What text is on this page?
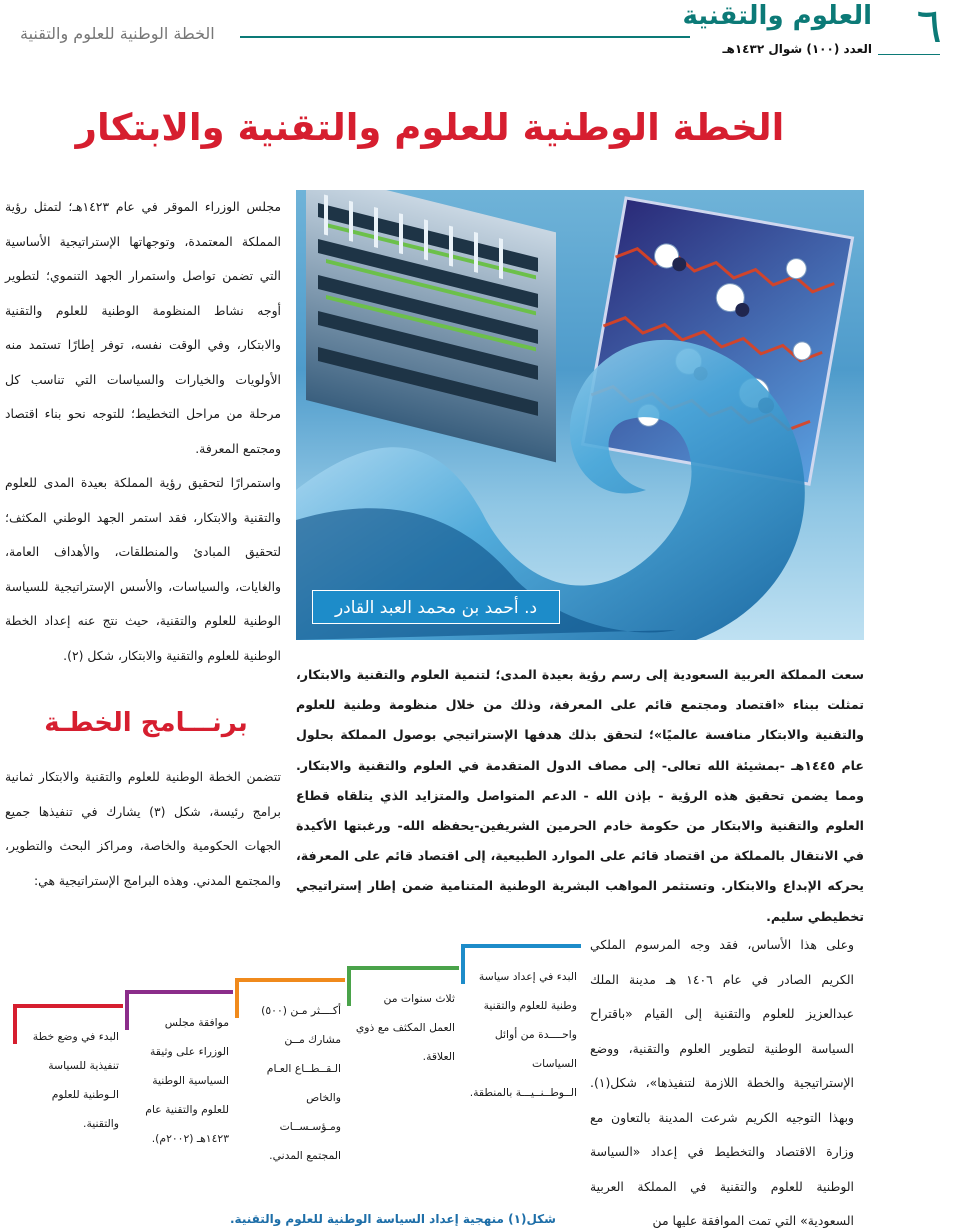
٦
العلوم والتقنية
العدد (١٠٠) شوال ١٤٣٢هـ
الخطة الوطنية للعلوم والتقنية
الخطة الوطنية للعلوم والتقنية والابتكار
د. أحمد بن محمد العبد القادر

مجلس الوزراء الموقر في عام ١٤٢٣هـ؛ لتمثل رؤية المملكة المعتمدة، وتوجهاتها الإستراتيجية الأساسية التي تضمن تواصل واستمرار الجهد التنموي؛ لتطوير أوجه نشاط المنظومة الوطنية للعلوم والتقنية والابتكار، وفي الوقت نفسه، توفر إطارًا تستمد منه الأولويات والخيارات والسياسات التي تناسب كل مرحلة من مراحل التخطيط؛ للتوجه نحو بناء اقتصاد ومجتمع المعرفة.

واستمرارًا لتحقيق رؤية المملكة بعيدة المدى للعلوم والتقنية والابتكار، فقد استمر الجهد الوطني المكثف؛ لتحقيق المبادئ والمنطلقات، والأهداف العامة، والغايات، والسياسات، والأسس الإستراتيجية للسياسة الوطنية للعلوم والتقنية، حيث نتج عنه إعداد الخطة الوطنية للعلوم والتقنية والابتكار، شكل (٢).

برنـــامج الخطـة

تتضمن الخطة الوطنية للعلوم والتقنية والابتكار ثمانية برامج رئيسة، شكل (٣) يشارك في تنفيذها جميع الجهات الحكومية والخاصة، ومراكز البحث والتطوير، والمجتمع المدني. وهذه البرامج الإستراتيجية هي:

سعت المملكة العربية السعودية إلى رسم رؤية بعيدة المدى؛ لتنمية العلوم والتقنية والابتكار، تمثلت ببناء «اقتصاد ومجتمع قائم على المعرفة، وذلك من خلال منظومة وطنية للعلوم والتقنية والابتكار منافسة عالميًا»؛ لتحقق بذلك هدفها الإستراتيجي بوصول المملكة بحلول عام ١٤٤٥هـ -بمشيئة الله تعالى- إلى مصاف الدول المتقدمة في العلوم والتقنية والابتكار. ومما يضمن تحقيق هذه الرؤية - بإذن الله - الدعم المتواصل والمتزايد الذي يتلقاه قطاع العلوم والتقنية والابتكار من حكومة خادم الحرمين الشريفين-يحفظه الله- ورغبتها الأكيدة في الانتقال بالمملكة من اقتصاد قائم على الموارد الطبيعية، إلى اقتصاد قائم على المعرفة، يحركه الإبداع والابتكار. وتستثمر المواهب البشرية الوطنية المتنامية ضمن إطار إستراتيجي تخطيطي سليم.

وعلى هذا الأساس، فقد وجه المرسوم الملكي الكريم الصادر في عام ١٤٠٦ هـ مدينة الملك عبدالعزيز للعلوم والتقنية إلى القيام «باقتراح السياسة الوطنية لتطوير العلوم والتقنية، ووضع الإستراتيجية والخطة اللازمة لتنفيذها»، شكل(١). وبهذا التوجيه الكريم شرعت المدينة بالتعاون مع وزارة الاقتصاد والتخطيط في إعداد «السياسة الوطنية للعلوم والتقنية في المملكة العربية السعودية» التي تمت الموافقة عليها من

البدء في إعداد سياسة وطنية للعلوم والتقنية واحــــدة من أوائل السياسات الــوطــنــيـــة بالمنطقة.
ثلاث سنوات من العمل المكثف مع ذوي العلاقة.
أكــــثر مـن (٥٠٠) مشارك مــن الـقــطــاع العـام والخاص ومـؤسـســات المجتمع المدني.
موافقة مجلس الوزراء على وثيقة السياسية الوطنية للعلوم والتقنية عام ١٤٢٣هـ (٢٠٠٢م).
البدء في وضع خطة تنفيذية للسياسة الـوطنية للعلوم والتقنية.
شكل(١) منهجية إعداد السياسة الوطنية للعلوم والتقنية.
